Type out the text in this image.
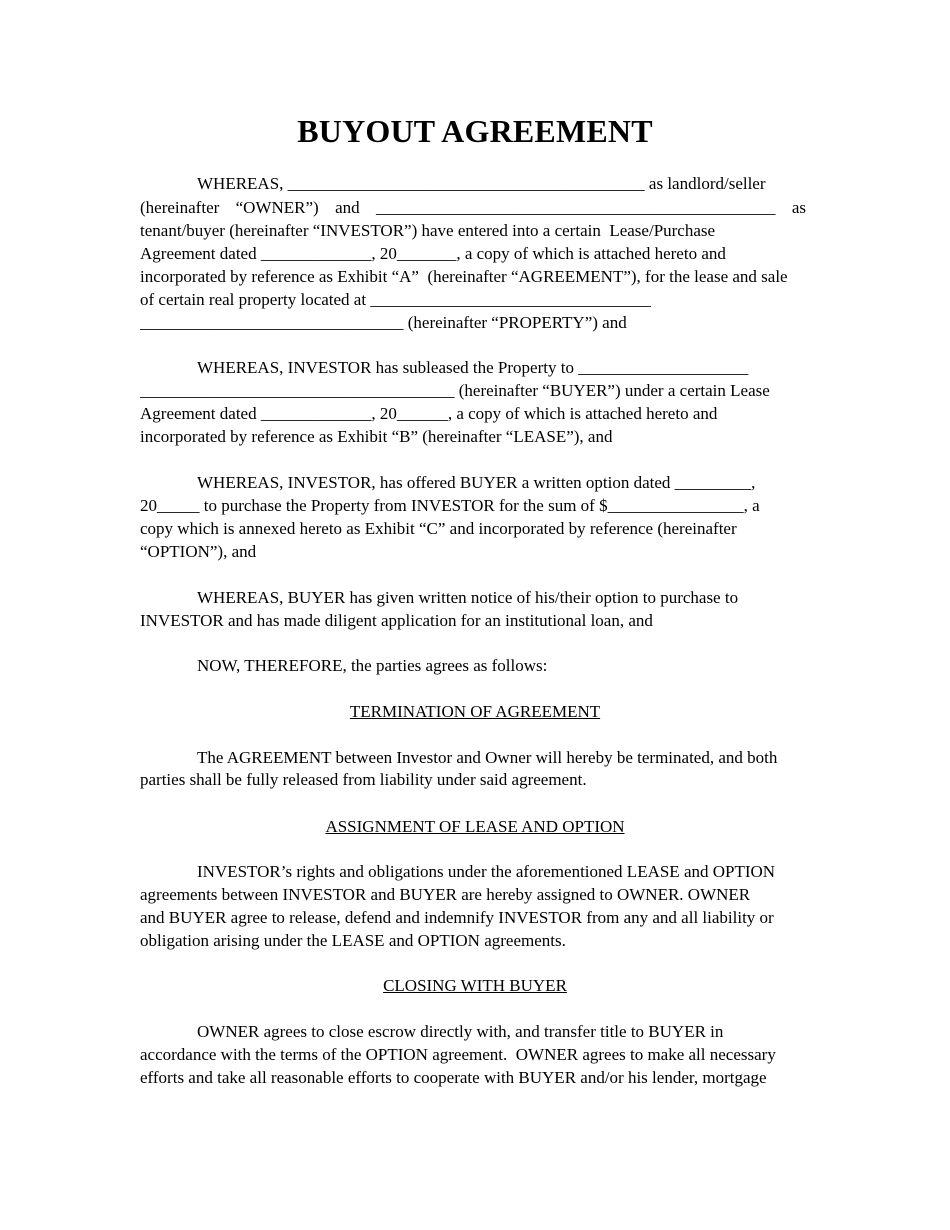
BUYOUT AGREEMENT
WHEREAS, __________________________________________ as landlord/seller
(hereinafter “OWNER”) and _______________________________________________ as
tenant/buyer (hereinafter “INVESTOR”) have entered into a certain  Lease/Purchase
Agreement dated _____________, 20_______, a copy of which is attached hereto and
incorporated by reference as Exhibit “A”  (hereinafter “AGREEMENT”), for the lease and sale
of certain real property located at _________________________________
_______________________________ (hereinafter “PROPERTY”) and
WHEREAS, INVESTOR has subleased the Property to ____________________
_____________________________________ (hereinafter “BUYER”) under a certain Lease
Agreement dated _____________, 20______, a copy of which is attached hereto and
incorporated by reference as Exhibit “B” (hereinafter “LEASE”), and
WHEREAS, INVESTOR, has offered BUYER a written option dated _________,
20_____ to purchase the Property from INVESTOR for the sum of $________________, a
copy which is annexed hereto as Exhibit “C” and incorporated by reference (hereinafter
“OPTION”), and
WHEREAS, BUYER has given written notice of his/their option to purchase to
INVESTOR and has made diligent application for an institutional loan, and
NOW, THEREFORE, the parties agrees as follows:
TERMINATION OF AGREEMENT
The AGREEMENT between Investor and Owner will hereby be terminated, and both
parties shall be fully released from liability under said agreement.
ASSIGNMENT OF LEASE AND OPTION
INVESTOR’s rights and obligations under the aforementioned LEASE and OPTION
agreements between INVESTOR and BUYER are hereby assigned to OWNER. OWNER
and BUYER agree to release, defend and indemnify INVESTOR from any and all liability or
obligation arising under the LEASE and OPTION agreements.
CLOSING WITH BUYER
OWNER agrees to close escrow directly with, and transfer title to BUYER in
accordance with the terms of the OPTION agreement.  OWNER agrees to make all necessary
efforts and take all reasonable efforts to cooperate with BUYER and/or his lender, mortgage
